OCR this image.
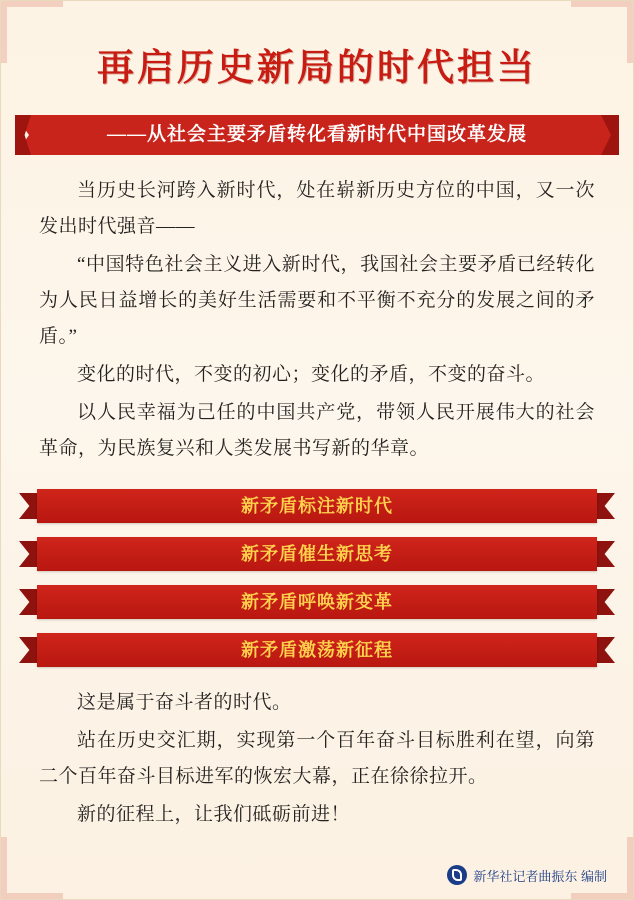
再启历史新局的时代担当
——从社会主要矛盾转化看新时代中国改革发展

当历史长河跨入新时代，处在崭新历史方位的中国，又一次发出时代强音——

“中国特色社会主义进入新时代，我国社会主要矛盾已经转化为人民日益增长的美好生活需要和不平衡不充分的发展之间的矛盾。”

变化的时代，不变的初心；变化的矛盾，不变的奋斗。

以人民幸福为己任的中国共产党，带领人民开展伟大的社会革命，为民族复兴和人类发展书写新的华章。

新矛盾标注新时代
新矛盾催生新思考
新矛盾呼唤新变革
新矛盾激荡新征程

这是属于奋斗者的时代。

站在历史交汇期，实现第一个百年奋斗目标胜利在望，向第二个百年奋斗目标进军的恢宏大幕，正在徐徐拉开。

新的征程上，让我们砥砺前进！

新华社记者曲振东 编制
